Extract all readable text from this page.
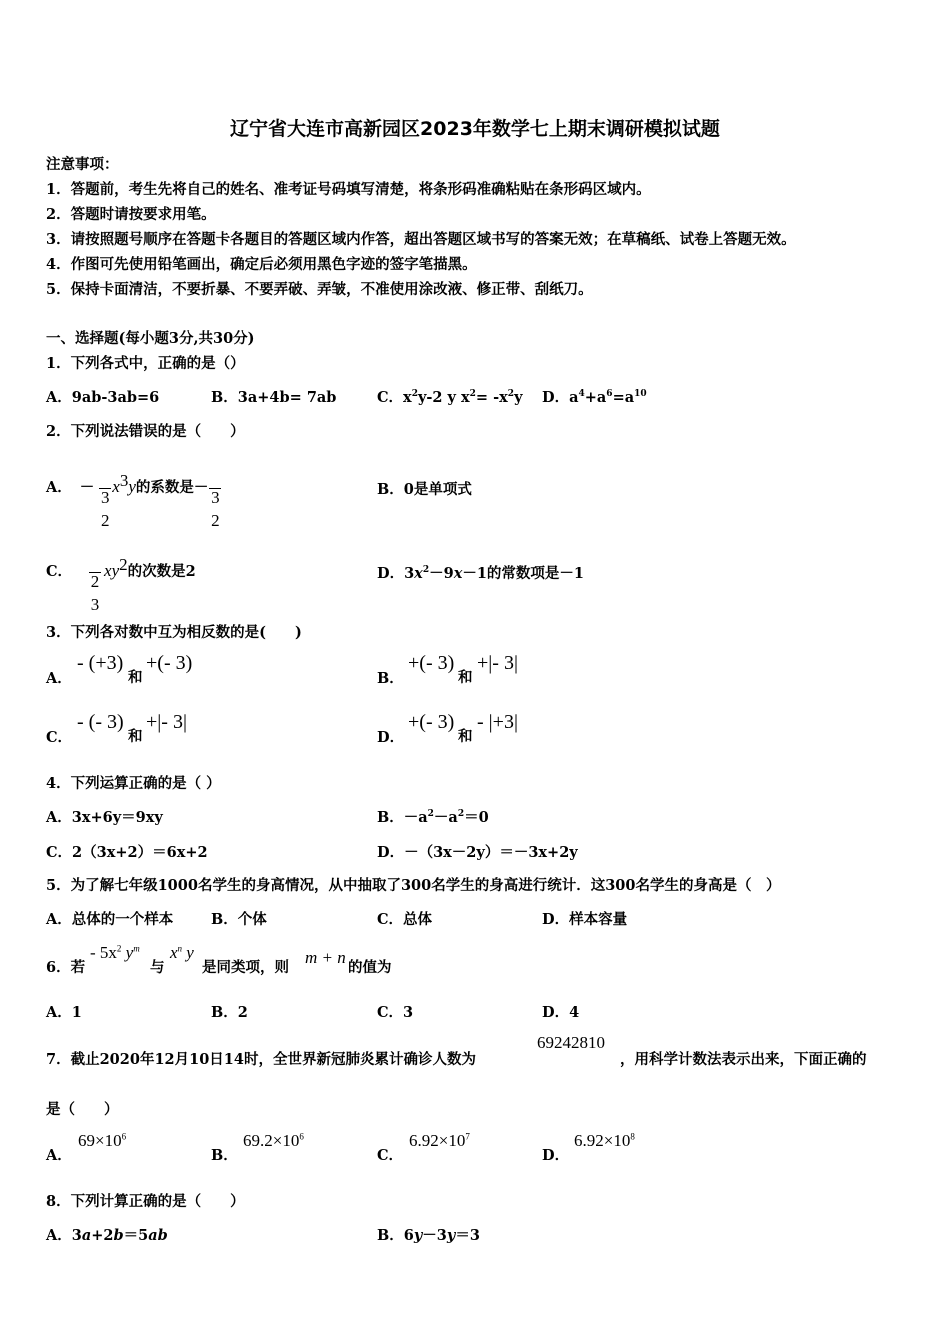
辽宁省大连市高新园区2023年数学七上期末调研模拟试题
注意事项：
1．答题前，考生先将自己的姓名、准考证号码填写清楚，将条形码准确粘贴在条形码区域内。
2．答题时请按要求用笔。
3．请按照题号顺序在答题卡各题目的答题区域内作答，超出答题区域书写的答案无效；在草稿纸、试卷上答题无效。
4．作图可先使用铅笔画出，确定后必须用黑色字迹的签字笔描黑。
5．保持卡面清洁，不要折暴、不要弄破、弄皱，不准使用涂改液、修正带、刮纸刀。
一、选择题(每小题3分,共30分)
1．下列各式中，正确的是（）
A．9ab-3ab=6	B．3a+4b= 7ab	C．$x^2y-2$ y $x^2= -x^2y$ D．$a^4+a^6=a^{10}$
2．下列说法错误的是（　　）
A． －
3
2
$x^3y$的系数是－
3
2
B．0是单项式
C．
2
3
$xy^2$的次数是2	D．$3x^2-9x-1$的常数项是－1
3．下列各对数中互为相反数的是(　　)
A．
- (+3)
和
+(- 3)
B．
+(- 3)
和
+|- 3|
C．
- (- 3)
和
+|- 3|
D．
+(- 3)
和
- |+3|
4．下列运算正确的是（ ）
A．3x+6y＝9xy	B．$-a^2-a^2=0$
C．2（3x+2）＝6x+2	D．－（3x－2y）＝－3x+2y
5．为了解七年级1000名学生的身高情况，从中抽取了300名学生的身高进行统计．这300名学生的身高是（　）
A．总体的一个样本	B．个体	C．总体	D．样本容量
6．若
- $5x^2$ $y^m$
与
$x^n$ y
是同类项，则
m + n
的值为
A．1	B．2	C．3	D．4
7．截止2020年12月10日14时，全世界新冠肺炎累计确诊人数为
69242810
，用科学计数法表示出来，下面正确的
是（　　）
A．
$69\times 10^6$
B．
$69.2\times 10^6$
C．
$6.92\times 10^7$
D．
$6.92\times 10^8$
8．下列计算正确的是（　　）
A．3a+2b＝5ab	B．6y－3y＝3
